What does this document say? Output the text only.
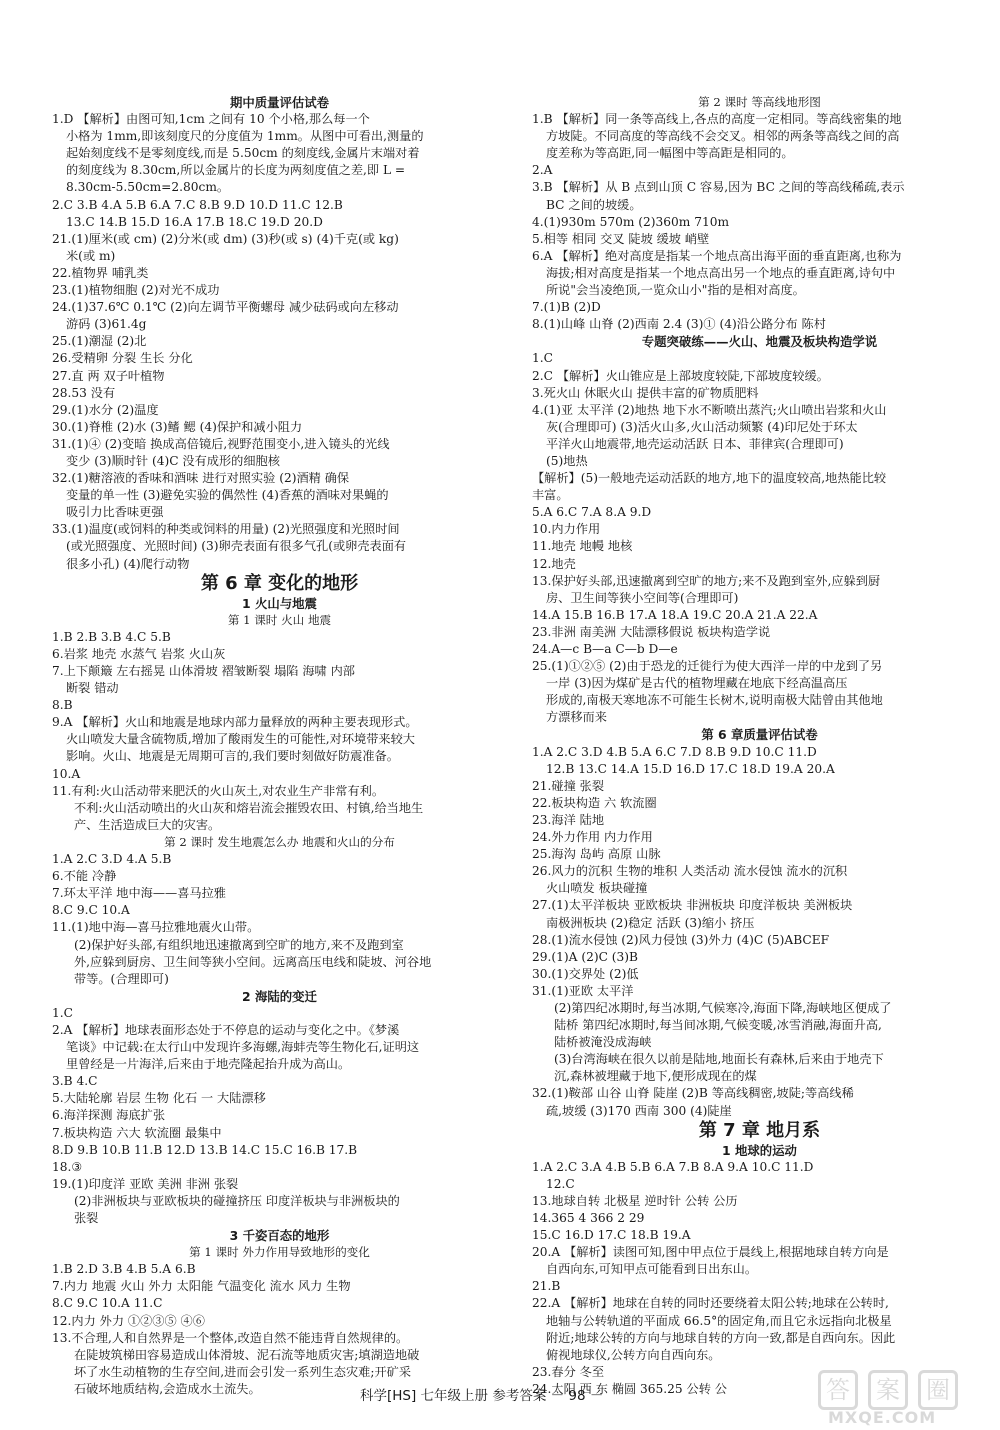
期中质量评估试卷
1.D 【解析】由图可知,1cm 之间有 10 个小格,那么每一个
小格为 1mm,即该刻度尺的分度值为 1mm。从图中可看出,测量的
起始刻度线不是零刻度线,而是 5.50cm 的刻度线,金属片末端对着
的刻度线为 8.30cm,所以金属片的长度为两刻度值之差,即 L =
8.30cm-5.50cm=2.80cm。
2.C 3.B 4.A 5.B 6.A 7.C 8.B 9.D 10.D 11.C 12.B
13.C 14.B 15.D 16.A 17.B 18.C 19.D 20.D
21.(1)厘米(或 cm) (2)分米(或 dm) (3)秒(或 s) (4)千克(或 kg)
米(或 m)
22.植物界 哺乳类
23.(1)植物细胞 (2)对光不成功
24.(1)37.6℃ 0.1℃ (2)向左调节平衡螺母 减少砝码或向左移动
游码 (3)61.4g
25.(1)潮湿 (2)北
26.受精卵 分裂 生长 分化
27.直 两 双子叶植物
28.53 没有
29.(1)水分 (2)温度
30.(1)脊椎 (2)水 (3)鳍 鳃 (4)保护和减小阻力
31.(1)④ (2)变暗 换成高倍镜后,视野范围变小,进入镜头的光线
变少 (3)顺时针 (4)C 没有成形的细胞核
32.(1)糖溶液的香味和酒味 进行对照实验 (2)酒精 确保
变量的单一性 (3)避免实验的偶然性 (4)香蕉的酒味对果蝇的
吸引力比香味更强
33.(1)温度(或饲料的种类或饲料的用量) (2)光照强度和光照时间
(或光照强度、光照时间) (3)卵壳表面有很多气孔(或卵壳表面有
很多小孔) (4)爬行动物
第 6 章 变化的地形
1 火山与地震
第 1 课时 火山 地震
1.B 2.B 3.B 4.C 5.B
6.岩浆 地壳 水蒸气 岩浆 火山灰
7.上下颠簸 左右摇晃 山体滑坡 褶皱断裂 塌陷 海啸 内部
断裂 错动
8.B
9.A 【解析】火山和地震是地球内部力量释放的两种主要表现形式。
火山喷发大量含硫物质,增加了酸雨发生的可能性,对环境带来较大
影响。火山、地震是无周期可言的,我们要时刻做好防震准备。
10.A
11.有利:火山活动带来肥沃的火山灰土,对农业生产非常有利。
不利:火山活动喷出的火山灰和熔岩流会摧毁农田、村镇,给当地生
产、生活造成巨大的灾害。
第 2 课时 发生地震怎么办 地震和火山的分布
1.A 2.C 3.D 4.A 5.B
6.不能 冷静
7.环太平洋 地中海——喜马拉雅
8.C 9.C 10.A
11.(1)地中海—喜马拉雅地震火山带。
(2)保护好头部,有组织地迅速撤离到空旷的地方,来不及跑到室
外,应躲到厨房、卫生间等狭小空间。远离高压电线和陡坡、河谷地
带等。(合理即可)
2 海陆的变迁
1.C
2.A 【解析】地球表面形态处于不停息的运动与变化之中。《梦溪
笔谈》中记载:在太行山中发现许多海螺,海蚌壳等生物化石,证明这
里曾经是一片海洋,后来由于地壳隆起抬升成为高山。
3.B 4.C
5.大陆轮廓 岩层 生物 化石 一 大陆漂移
6.海洋探测 海底扩张
7.板块构造 六大 软流圈 最集中
8.D 9.B 10.B 11.B 12.D 13.B 14.C 15.C 16.B 17.B
18.③
19.(1)印度洋 亚欧 美洲 非洲 张裂
(2)非洲板块与亚欧板块的碰撞挤压 印度洋板块与非洲板块的
张裂
3 千姿百态的地形
第 1 课时 外力作用导致地形的变化
1.B 2.D 3.B 4.B 5.A 6.B
7.内力 地震 火山 外力 太阳能 气温变化 流水 风力 生物
8.C 9.C 10.A 11.C
12.内力 外力 ①②③⑤ ④⑥
13.不合理,人和自然界是一个整体,改造自然不能违背自然规律的。
在陡坡筑梯田容易造成山体滑坡、泥石流等地质灾害;填湖造地破
坏了水生动植物的生存空间,进而会引发一系列生态灾难;开矿采
石破坏地质结构,会造成水土流失。
第 2 课时 等高线地形图
1.B 【解析】同一条等高线上,各点的高度一定相同。等高线密集的地
方坡陡。不同高度的等高线不会交叉。相邻的两条等高线之间的高
度差称为等高距,同一幅图中等高距是相同的。
2.A
3.B 【解析】从 B 点到山顶 C 容易,因为 BC 之间的等高线稀疏,表示
BC 之间的坡缓。
4.(1)930m 570m (2)360m 710m
5.相等 相同 交叉 陡坡 缓坡 峭壁
6.A 【解析】绝对高度是指某一个地点高出海平面的垂直距离,也称为
海拔;相对高度是指某一个地点高出另一个地点的垂直距离,诗句中
所说"会当凌绝顶,一览众山小"指的是相对高度。
7.(1)B (2)D
8.(1)山峰 山脊 (2)西南 2.4 (3)① (4)沿公路分布 陈村
专题突破练——火山、地震及板块构造学说
1.C
2.C 【解析】火山锥应是上部坡度较陡,下部坡度较缓。
3.死火山 休眠火山 提供丰富的矿物质肥料
4.(1)亚 太平洋 (2)地热 地下水不断喷出蒸汽;火山喷出岩浆和火山
灰(合理即可) (3)活火山多,火山活动频繁 (4)印尼处于环太
平洋火山地震带,地壳运动活跃 日本、菲律宾(合理即可)
(5)地热
【解析】(5)一般地壳运动活跃的地方,地下的温度较高,地热能比较
丰富。
5.A 6.C 7.A 8.A 9.D
10.内力作用
11.地壳 地幔 地核
12.地壳
13.保护好头部,迅速撤离到空旷的地方;来不及跑到室外,应躲到厨
房、卫生间等狭小空间等(合理即可)
14.A 15.B 16.B 17.A 18.A 19.C 20.A 21.A 22.A
23.非洲 南美洲 大陆漂移假说 板块构造学说
24.A—c B—a C—b D—e
25.(1)①②⑤ (2)由于恐龙的迁徙行为使大西洋一岸的中龙到了另
一岸 (3)因为煤矿是古代的植物埋藏在地底下经高温高压
形成的,南极天寒地冻不可能生长树木,说明南极大陆曾由其他地
方漂移而来
第 6 章质量评估试卷
1.A 2.C 3.D 4.B 5.A 6.C 7.D 8.B 9.D 10.C 11.D
12.B 13.C 14.A 15.D 16.D 17.C 18.D 19.A 20.A
21.碰撞 张裂
22.板块构造 六 软流圈
23.海洋 陆地
24.外力作用 内力作用
25.海沟 岛屿 高原 山脉
26.风力的沉积 生物的堆积 人类活动 流水侵蚀 流水的沉积
火山喷发 板块碰撞
27.(1)太平洋板块 亚欧板块 非洲板块 印度洋板块 美洲板块
南极洲板块 (2)稳定 活跃 (3)缩小 挤压
28.(1)流水侵蚀 (2)风力侵蚀 (3)外力 (4)C (5)ABCEF
29.(1)A (2)C (3)B
30.(1)交界处 (2)低
31.(1)亚欧 太平洋
(2)第四纪冰期时,每当冰期,气候寒冷,海面下降,海峡地区便成了
陆桥 第四纪冰期时,每当间冰期,气候变暖,冰雪消融,海面升高,
陆桥被淹没成海峡
(3)台湾海峡在很久以前是陆地,地面长有森林,后来由于地壳下
沉,森林被埋藏于地下,便形成现在的煤
32.(1)鞍部 山谷 山脊 陡崖 (2)B 等高线稠密,坡陡;等高线稀
疏,坡缓 (3)170 西南 300 (4)陡崖
第 7 章 地月系
1 地球的运动
1.A 2.C 3.A 4.B 5.B 6.A 7.B 8.A 9.A 10.C 11.D
12.C
13.地球自转 北极星 逆时针 公转 公历
14.365 4 366 2 29
15.C 16.D 17.C 18.B 19.A
20.A 【解析】读图可知,图中甲点位于晨线上,根据地球自转方向是
自西向东,可知甲点可能看到日出东山。
21.B
22.A 【解析】地球在自转的同时还要绕着太阳公转;地球在公转时,
地轴与公转轨道的平面成 66.5°的固定角,而且它永远指向北极星
附近;地球公转的方向与地球自转的方向一致,都是自西向东。因此
俯视地球仪,公转方向自西向东。
23.春分 冬至
24.太阳 西 东 椭圆 365.25 公转 公
科学[HS] 七年级上册 参考答案 － 98 －	答 案 圈
MXQE.COM
